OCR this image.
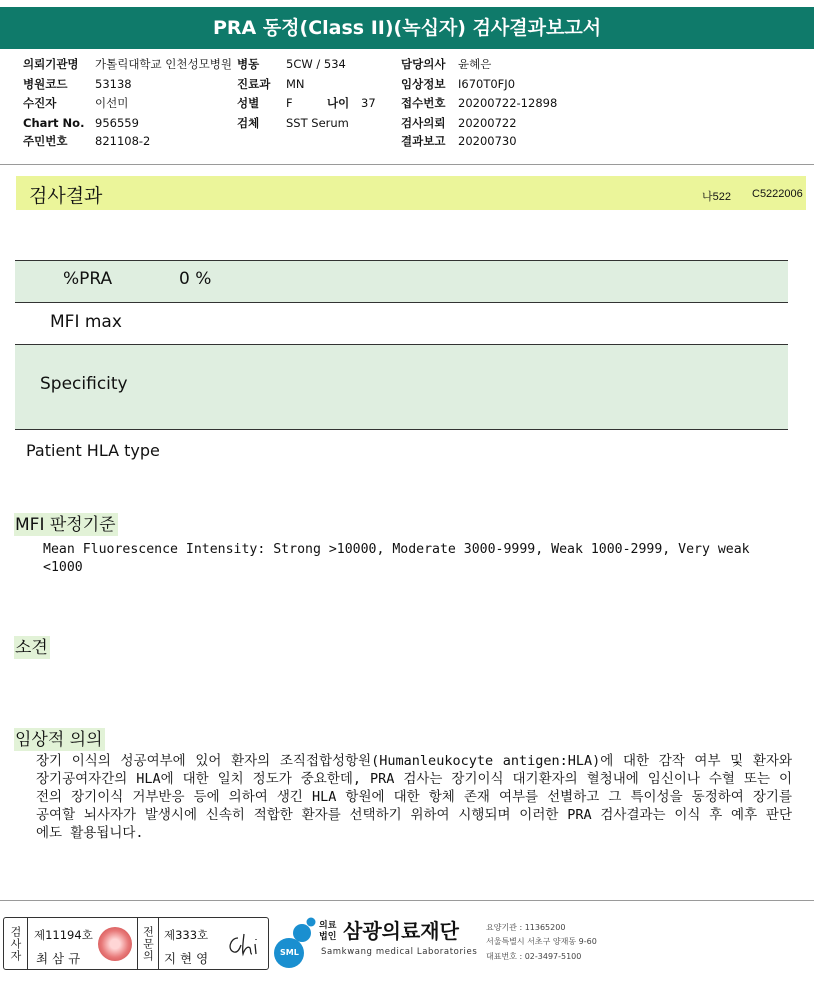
PRA 동정(Class II)(녹십자) 검사결과보고서
의뢰기관명 가톨릭대학교 인천성모병원
병원코드 53138
수진자	이선미
Chart No. 956559
주민번호 821108-2
병동 5CW / 534
진료과 MN
성별 F	나이 37
검체 SST Serum
담당의사 윤혜은
임상정보 I670T0FJ0
접수번호 20200722-12898
검사의뢰 20200722
결과보고 20200730
검사결과	나522 C5222006
%PRA	0 %
MFI max
Specificity
Patient HLA type
MFI 판정기준
Mean Fluorescence Intensity: Strong >10000, Moderate 3000-9999, Weak 1000-2999, Very weak
<1000
소견
임상적 의의
장기 이식의 성공여부에 있어 환자의 조직접합성항원(Humanleukocyte antigen:HLA)에 대한 감작 여부 및 환자와 장기공여자간의 HLA에 대한 일치 정도가 중요한데, PRA 검사는 장기이식 대기환자의 혈청내에 임신이나 수혈 또는 이전의 장기이식 거부반응 등에 의하여 생긴 HLA 항원에 대한 항체 존재 여부를 선별하고 그 특이성을 동정하여 장기를 공여할 뇌사자가 발생시에 신속히 적합한 환자를 선택하기 위하여 시행되며 이러한 PRA 검사결과는 이식 후 예후 판단에도 활용됩니다.
검사자 제11194호
최 삼 규	전문의 제333호
지 현 영	SML
의료
법인 삼광의료재단
Samkwang medical Laboratories
요양기관 : 11365200
서울특별시 서초구 양재동 9-60
대표번호 : 02-3497-5100
